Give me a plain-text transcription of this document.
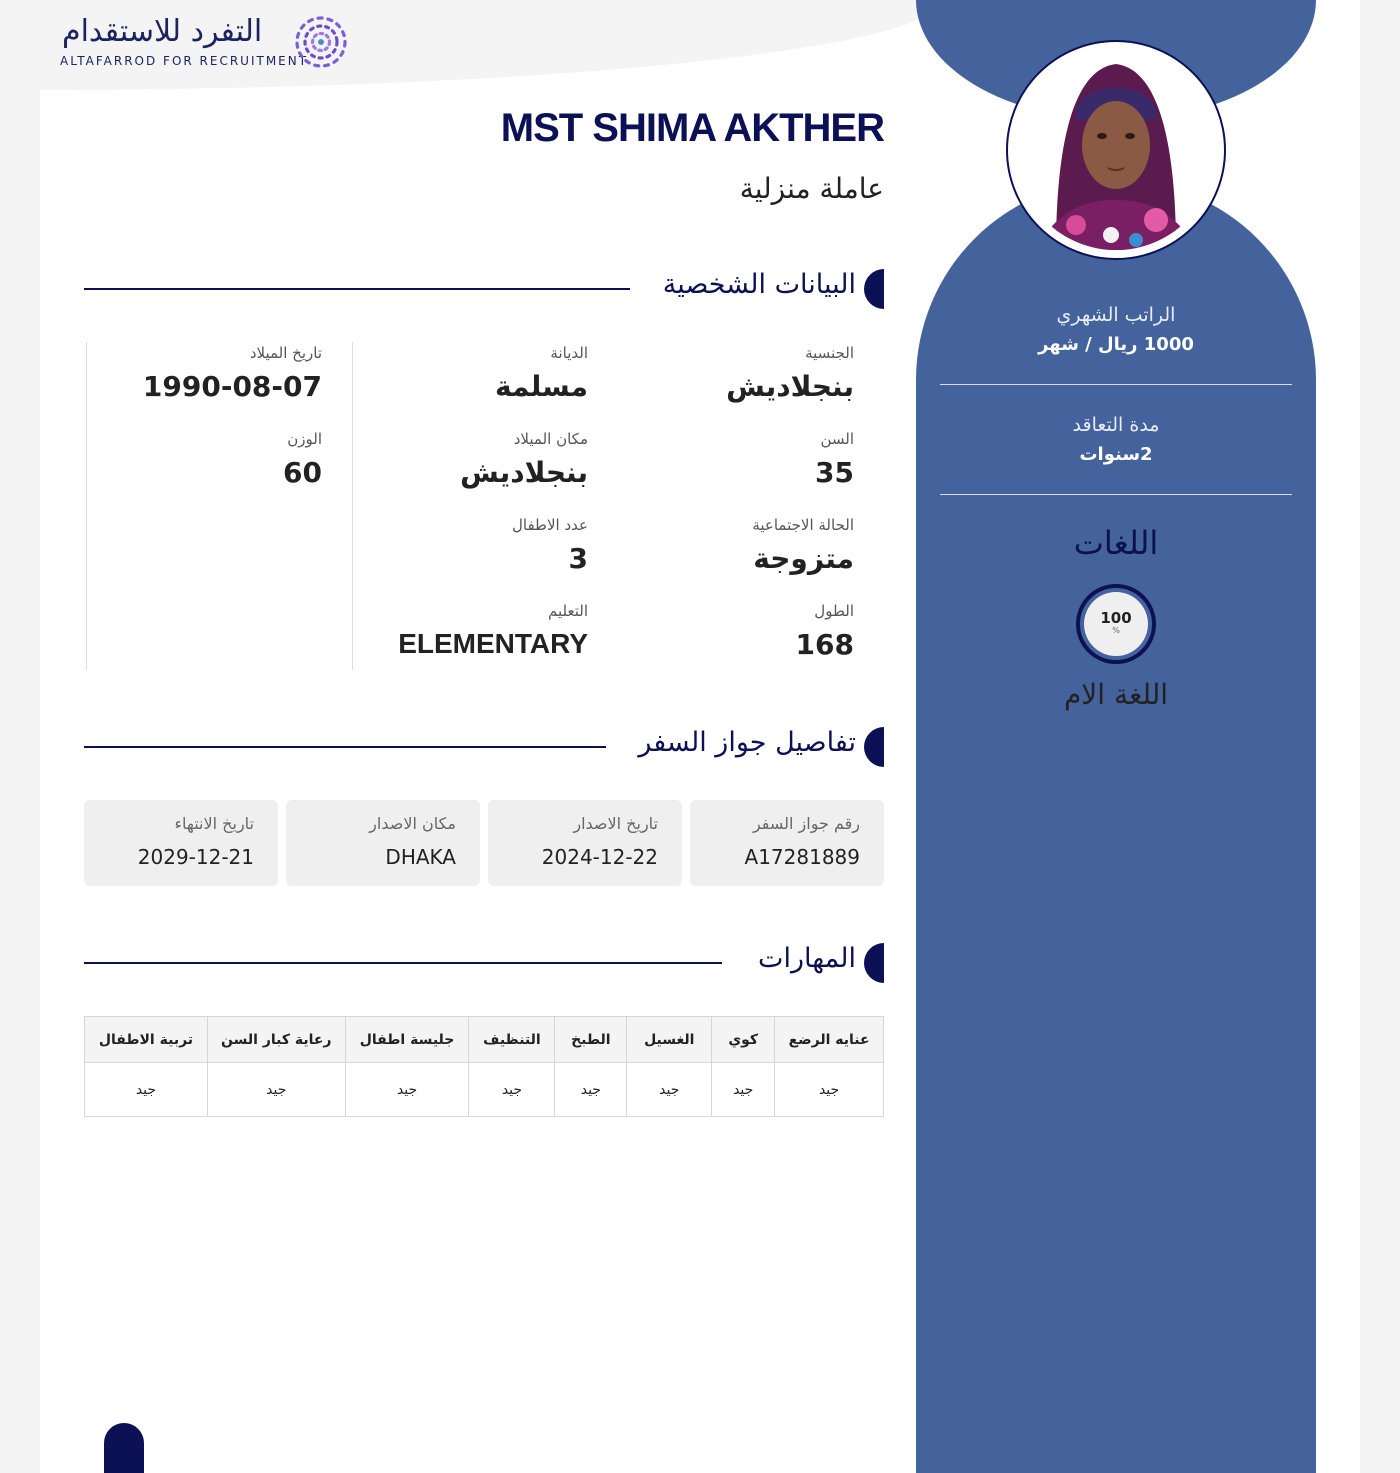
التفرد للاستقدام
ALTAFARROD FOR RECRUITMENT
الراتب الشهري
1000 ريال / شهر
مدة التعاقد
2سنوات
اللغات
100
%
اللغة الام
MST SHIMA AKTHER
عاملة منزلية
البيانات الشخصية
الجنسية
بنجلاديش
السن
35
الحالة الاجتماعية
متزوجة
الطول
168
الديانة
مسلمة
مكان الميلاد
بنجلاديش
عدد الاطفال
3
التعليم
ELEMENTARY
تاريخ الميلاد
1990-08-07
الوزن
60
تفاصيل جواز السفر
رقم جواز السفر
A17281889
تاريخ الاصدار
2024-12-22
مكان الاصدار
DHAKA
تاريخ الانتهاء
2029-12-21
المهارات
عنايه الرضع	كوي	الغسيل	الطبخ	التنظيف	جليسة اطفال	رعاية كبار السن	تربية الاطفال
جيد	جيد	جيد	جيد	جيد	جيد	جيد	جيد
